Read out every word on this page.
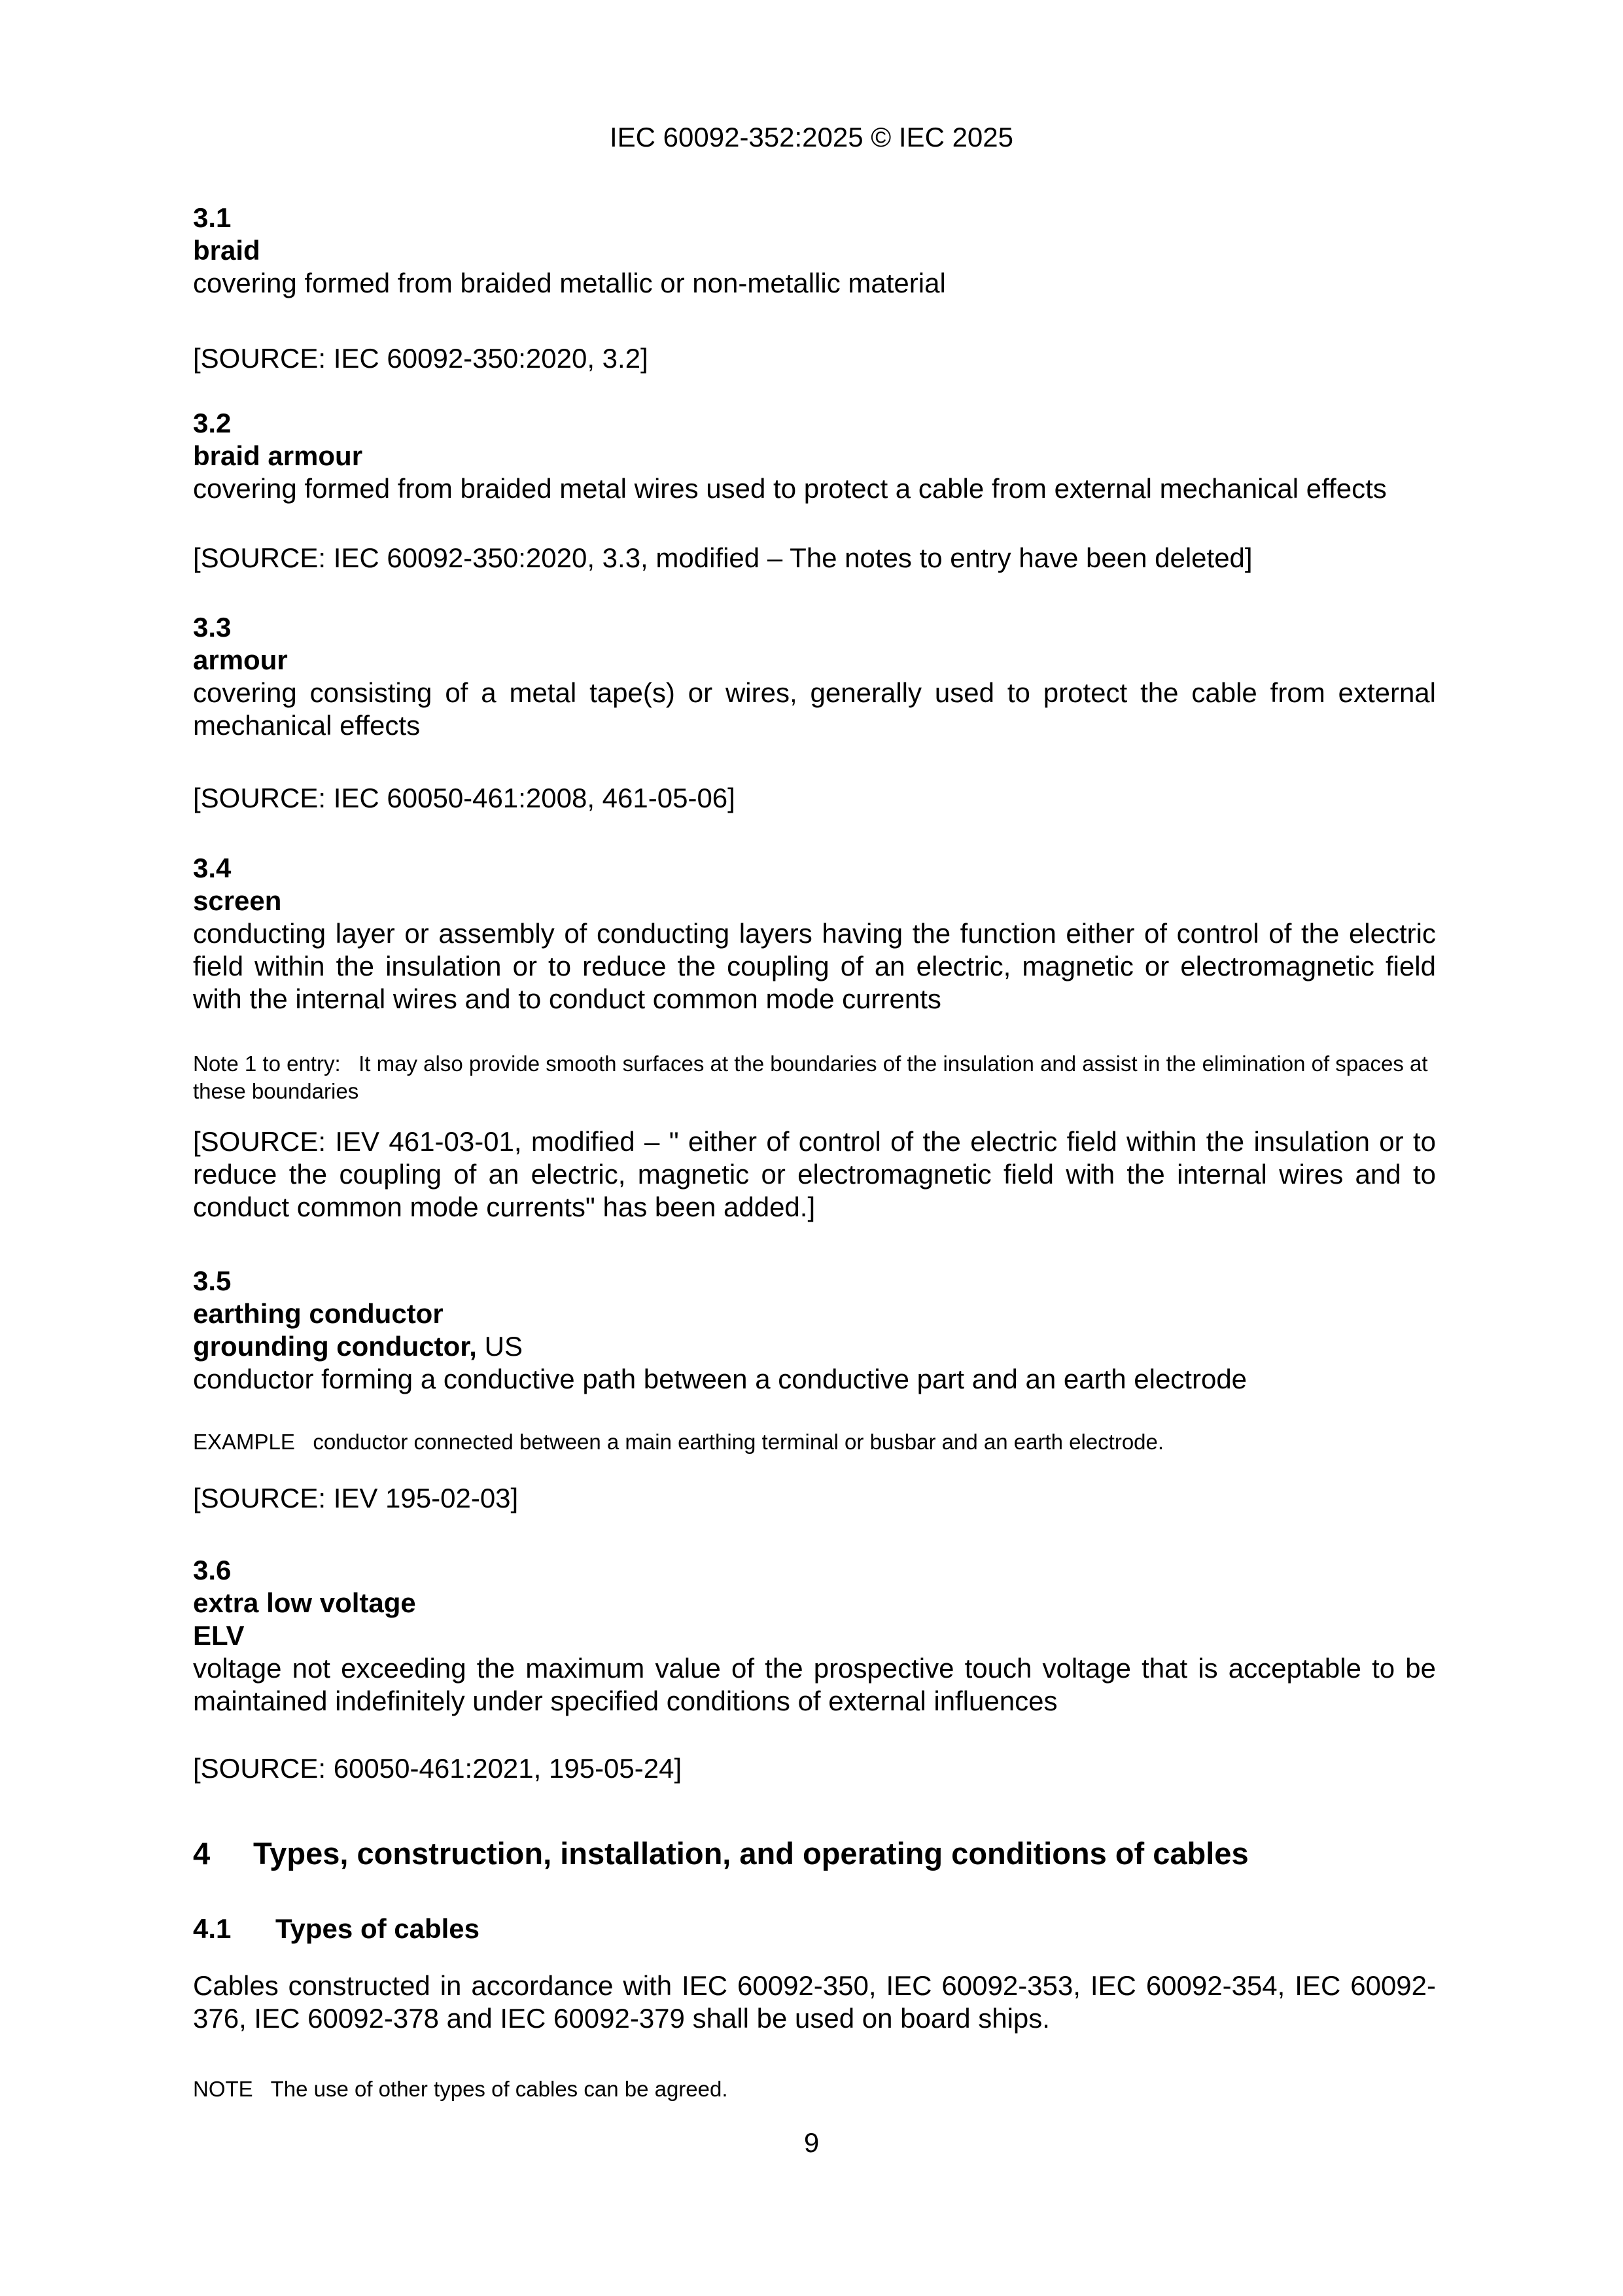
IEC 60092-352:2025 © IEC 2025

3.1

braid

covering formed from braided metallic or non-metallic material

[SOURCE: IEC 60092-350:2020, 3.2]

3.2

braid armour

covering formed from braided metal wires used to protect a cable from external mechanical effects

[SOURCE: IEC 60092-350:2020, 3.3, modified – The notes to entry have been deleted]

3.3

armour

covering consisting of a metal tape(s) or wires, generally used to protect the cable from external mechanical effects

[SOURCE: IEC 60050-461:2008, 461-05-06]

3.4

screen

conducting layer or assembly of conducting layers having the function either of control of the electric field within the insulation or to reduce the coupling of an electric, magnetic or electromagnetic field with the internal wires and to conduct common mode currents

Note 1 to entry:   It may also provide smooth surfaces at the boundaries of the insulation and assist in the elimination of spaces at these boundaries

[SOURCE: IEV 461-03-01, modified – " either of control of the electric field within the insulation or to reduce the coupling of an electric, magnetic or electromagnetic field with the internal wires and to conduct common mode currents" has been added.]

3.5

earthing conductor

grounding conductor, US

conductor forming a conductive path between a conductive part and an earth electrode

EXAMPLE   conductor connected between a main earthing terminal or busbar and an earth electrode.

[SOURCE: IEV 195-02-03]

3.6

extra low voltage

ELV

voltage not exceeding the maximum value of the prospective touch voltage that is acceptable to be maintained indefinitely under specified conditions of external influences

[SOURCE: 60050-461:2021, 195-05-24]

4 Types, construction, installation, and operating conditions of cables
4.1 Types of cables

Cables constructed in accordance with IEC 60092-350, IEC 60092-353, IEC 60092-354, IEC 60092-376, IEC 60092-378 and IEC 60092-379 shall be used on board ships.

NOTE   The use of other types of cables can be agreed.

9
